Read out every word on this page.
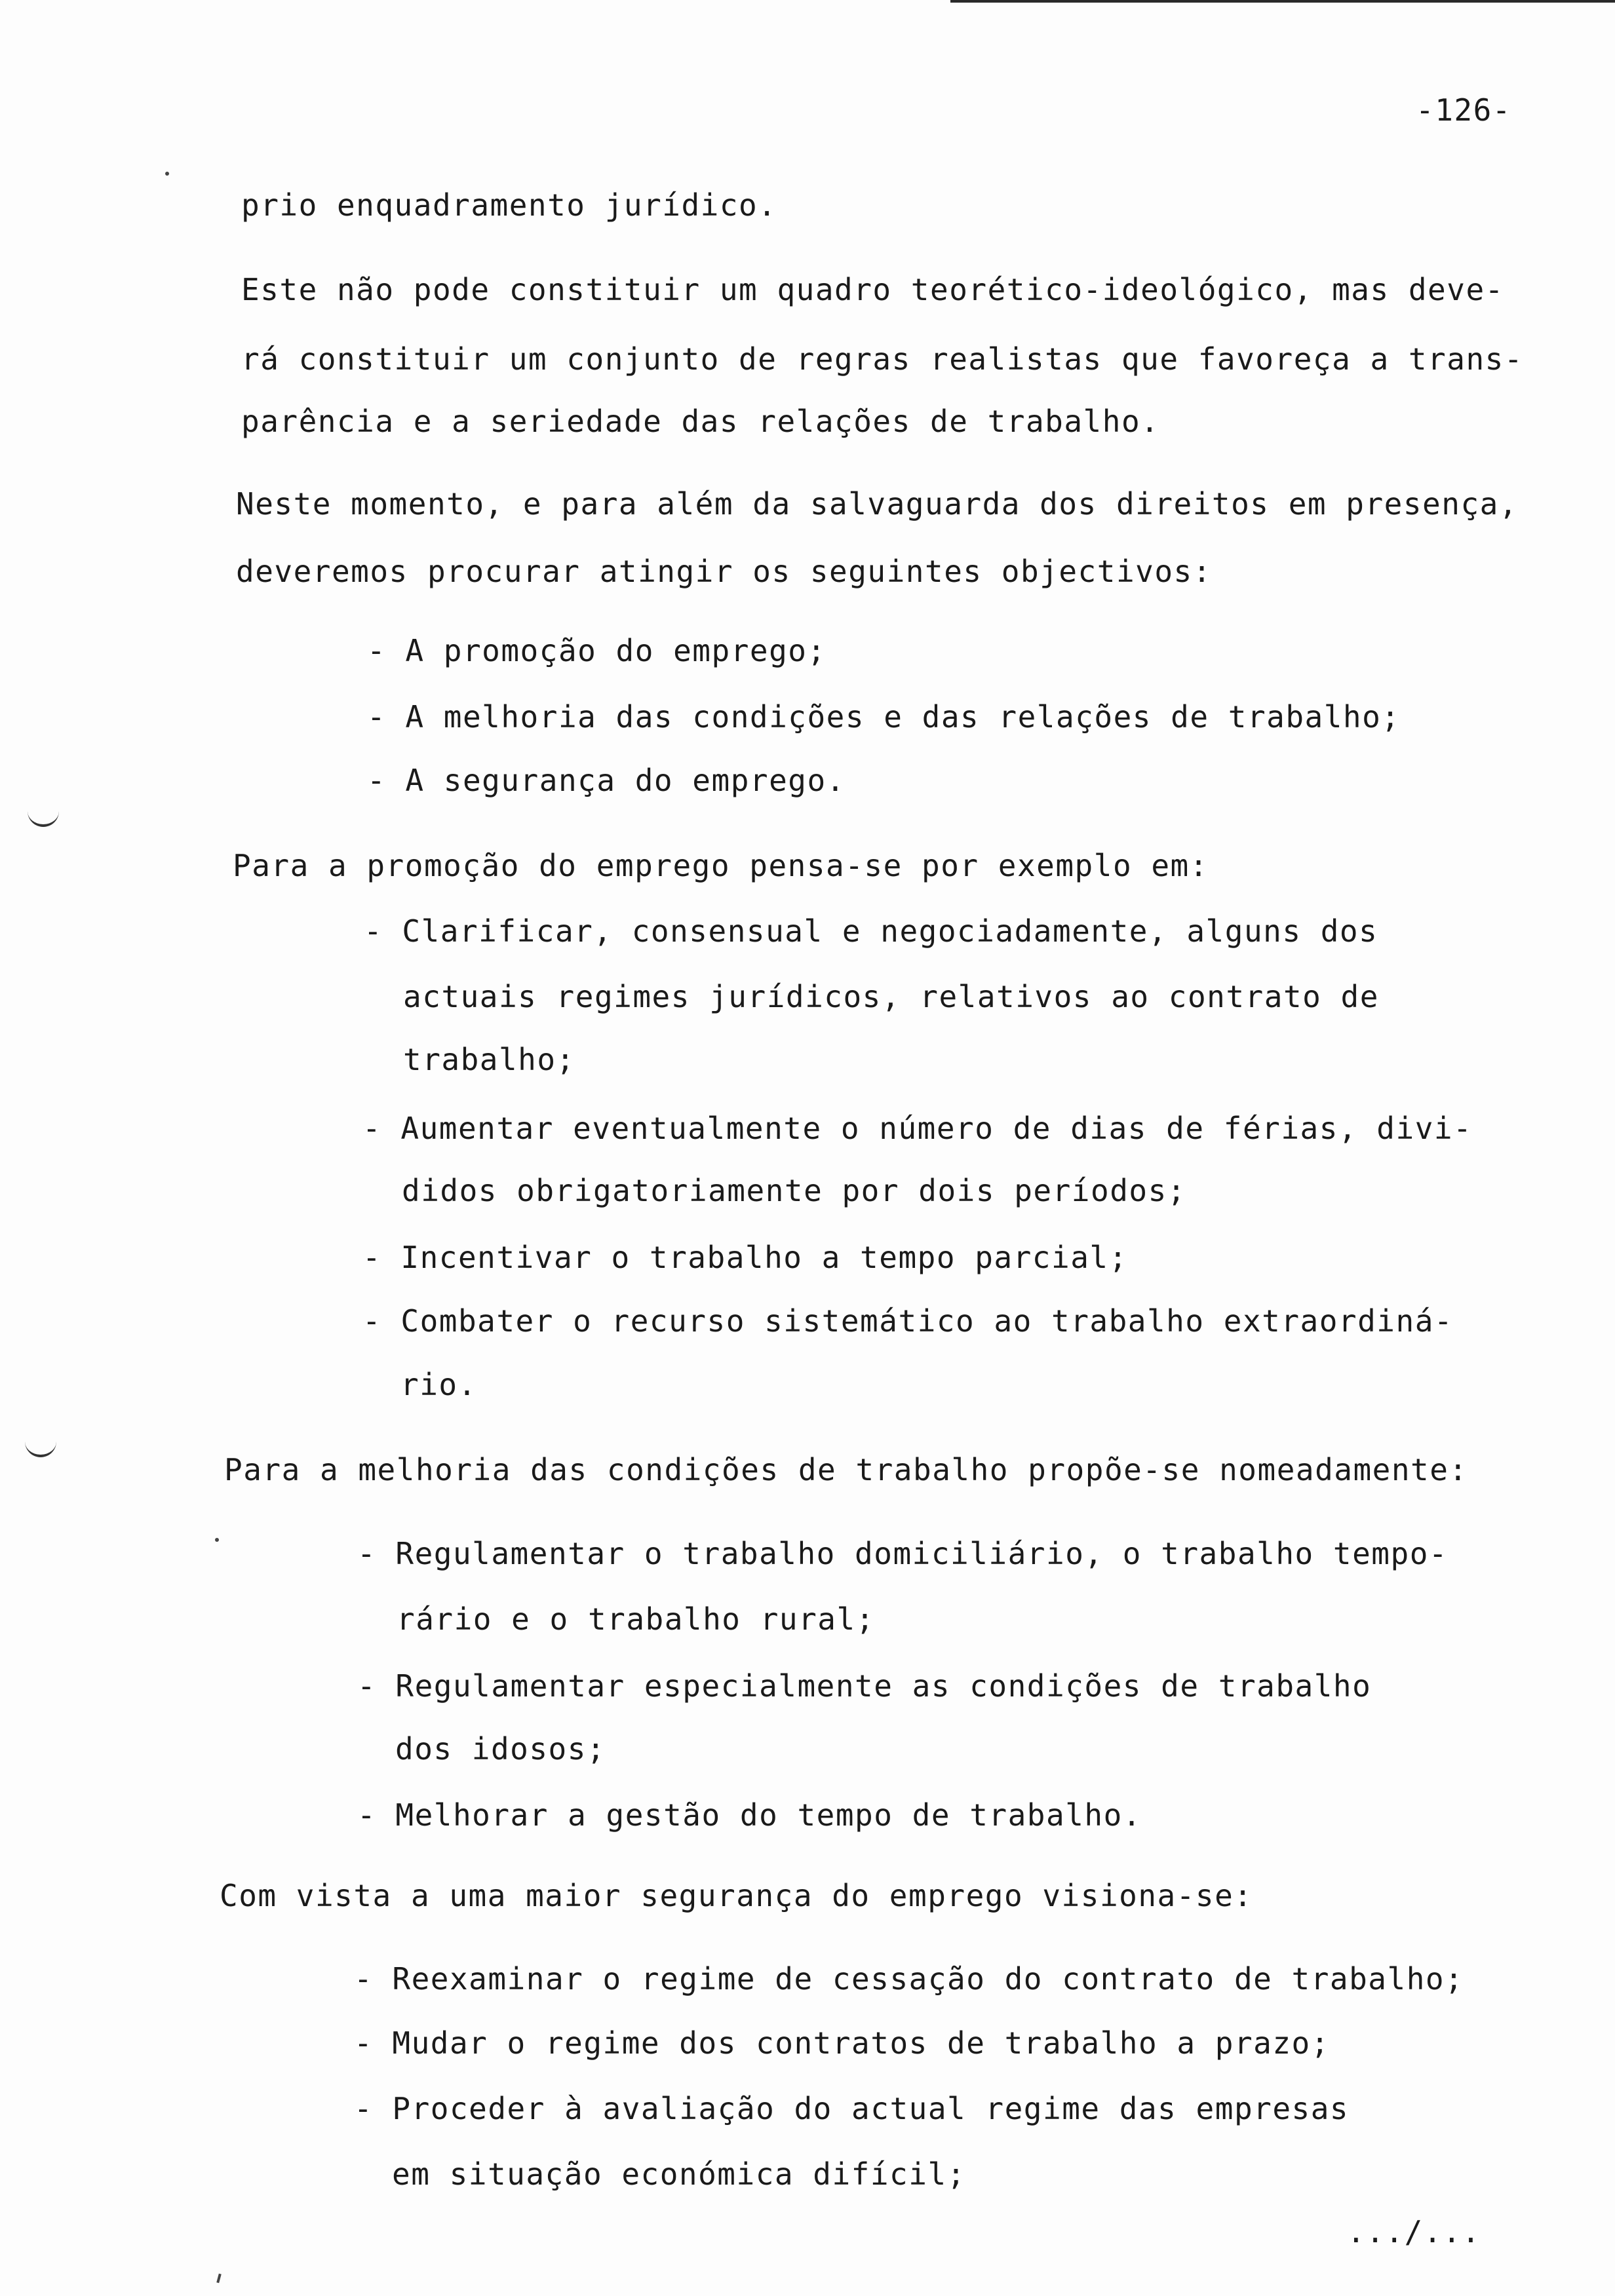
-126-
prio enquadramento jurídico.
Este não pode constituir um quadro teorético-ideológico, mas deve-
rá constituir um conjunto de regras realistas que favoreça a trans-
parência e a seriedade das relações de trabalho.
Neste momento, e para além da salvaguarda dos direitos em presença,
deveremos procurar atingir os seguintes objectivos:
- A promoção do emprego;
- A melhoria das condições e das relações de trabalho;
- A segurança do emprego.
Para a promoção do emprego pensa-se por exemplo em:
- Clarificar, consensual e negociadamente, alguns dos
actuais regimes jurídicos, relativos ao contrato de
trabalho;
- Aumentar eventualmente o número de dias de férias, divi-
didos obrigatoriamente por dois períodos;
- Incentivar o trabalho a tempo parcial;
- Combater o recurso sistemático ao trabalho extraordiná-
rio.
Para a melhoria das condições de trabalho propõe-se nomeadamente:
- Regulamentar o trabalho domiciliário, o trabalho tempo-
rário e o trabalho rural;
- Regulamentar especialmente as condições de trabalho
dos idosos;
- Melhorar a gestão do tempo de trabalho.
Com vista a uma maior segurança do emprego visiona-se:
- Reexaminar o regime de cessação do contrato de trabalho;
- Mudar o regime dos contratos de trabalho a prazo;
- Proceder à avaliação do actual regime das empresas
em situação económica difícil;
.../...
